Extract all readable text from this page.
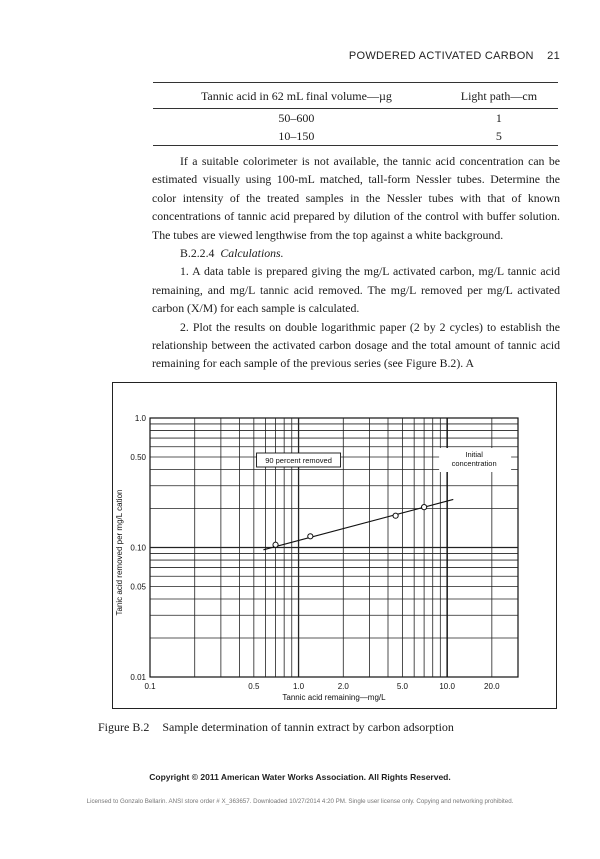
POWDERED ACTIVATED CARBON 21
Tannic acid in 62 mL final volume—µg	Light path—cm
50–600	1
10–150	5

If a suitable colorimeter is not available, the tannic acid concentration can be estimated visually using 100-mL matched, tall-form Nessler tubes. Determine the color intensity of the treated samples in the Nessler tubes with that of known concentrations of tannic acid prepared by dilution of the control with buffer solution. The tubes are viewed lengthwise from the top against a white background.

B.2.2.4 Calculations.

1. A data table is prepared giving the mg/L activated carbon, mg/L tannic acid remaining, and mg/L tannic acid removed. The mg/L removed per mg/L activated carbon (X/M) for each sample is calculated.

2. Plot the results on double logarithmic paper (2 by 2 cycles) to establish the relationship between the activated carbon dosage and the total amount of tannic acid remaining for each sample of the previous series (see Figure B.2). A

0.1	0.5	1.0	2.0	5.0	10.0	20.0
1.0
0.50
0.10
0.05
0.01
Tannic acid remaining—mg/L
Tanic acid removed per mg/L cation
90 percent removed
Initial
concentration
Figure B.2 Sample determination of tannin extract by carbon adsorption
Copyright © 2011 American Water Works Association. All Rights Reserved.
Licensed to Gonzalo Bellarin. ANSI store order # X_363657. Downloaded 10/27/2014 4:20 PM. Single user license only. Copying and networking prohibited.
